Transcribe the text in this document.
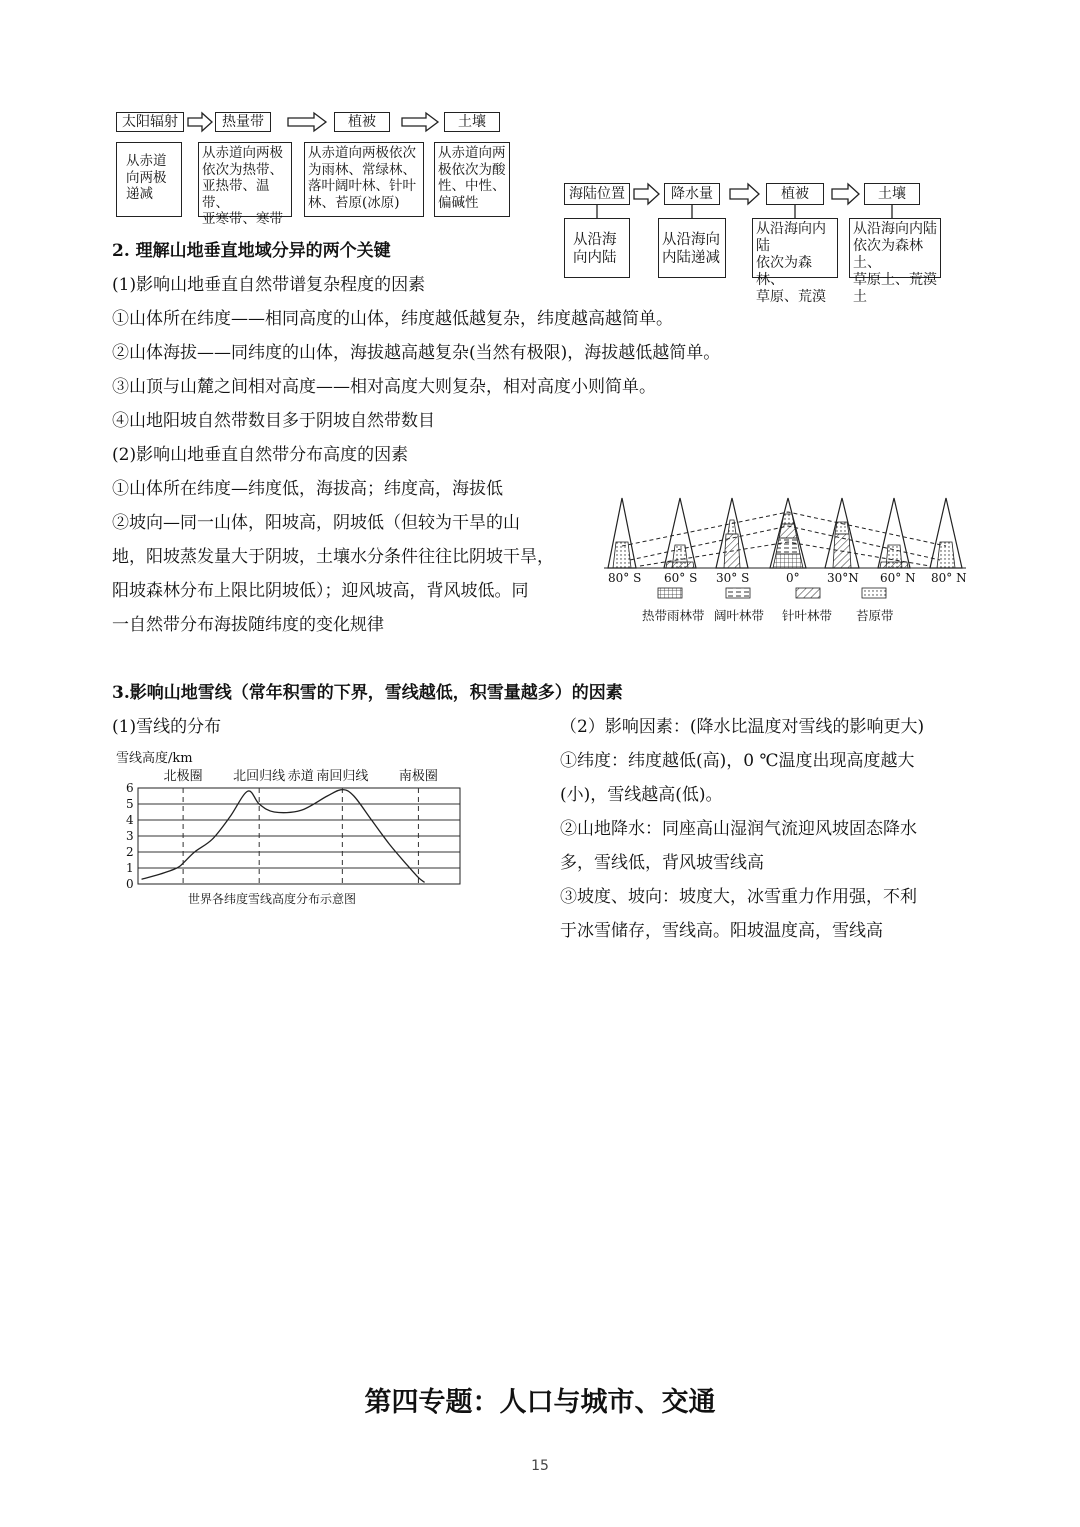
太阳辐射	热量带	植被	土壤
从赤道
向两极
递减
从赤道向两极
依次为热带、
亚热带、温带、
亚寒带、寒带
从赤道向两极依次
为雨林、常绿林、
落叶阔叶林、针叶
林、苔原(冰原)
从赤道向两
极依次为酸
性、中性、
偏碱性
海陆位置	降水量	植被	土壤
从沿海
向内陆
从沿海向
内陆递减
从沿海向内陆
依次为森林、
草原、荒漠
从沿海向内陆
依次为森林土、
草原土、荒漠土
2. 理解山地垂直地域分异的两个关键
(1)影响山地垂直自然带谱复杂程度的因素
①山体所在纬度——相同高度的山体，纬度越低越复杂，纬度越高越简单。
②山体海拔——同纬度的山体，海拔越高越复杂(当然有极限)，海拔越低越简单。
③山顶与山麓之间相对高度——相对高度大则复杂，相对高度小则简单。
④山地阳坡自然带数目多于阴坡自然带数目
(2)影响山地垂直自然带分布高度的因素
①山体所在纬度—纬度低，海拔高；纬度高，海拔低
②坡向—同一山体，阳坡高，阴坡低（但较为干旱的山
地，阳坡蒸发量大于阴坡，土壤水分条件往往比阴坡干旱，
阳坡森林分布上限比阴坡低）；迎风坡高，背风坡低。同
一自然带分布海拔随纬度的变化规律
80° S 60° S 30° S	0° 30°N 60° N 80° N
热带雨林带 阔叶林带 针叶林带 苔原带
3.影响山地雪线（常年积雪的下界，雪线越低，积雪量越多）的因素
(1)雪线的分布	（2）影响因素：(降水比温度对雪线的影响更大)
①纬度：纬度越低(高)，0 ℃温度出现高度越大
(小)，雪线越高(低)。
②山地降水：同座高山湿润气流迎风坡固态降水
多，雪线低，背风坡雪线高
③坡度、坡向：坡度大，冰雪重力作用强，不利
于冰雪储存，雪线高。阳坡温度高，雪线高
雪线高度/km
北极圈 北回归线 赤道 南回归线 南极圈
0
1
2
3
4
5
6
世界各纬度雪线高度分布示意图
第四专题：人口与城市、交通
15
